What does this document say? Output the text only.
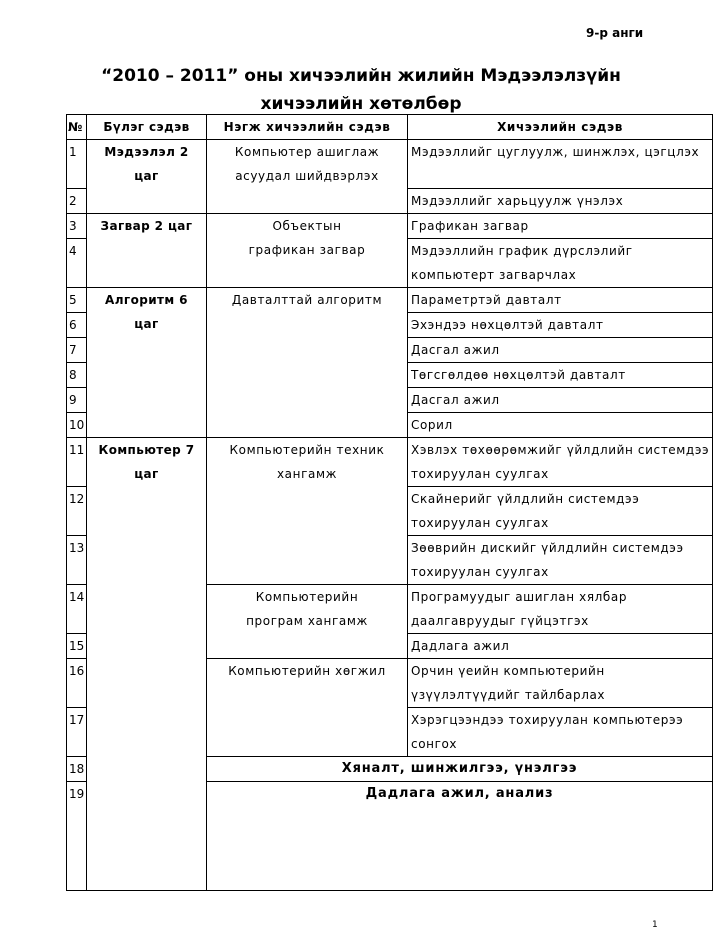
9-р анги
“2010 – 2011” оны хичээлийн жилийн Мэдээлэлзүйн
хичээлийн хөтөлбөр
№	Бүлэг сэдэв	Нэгж хичээлийн сэдэв	Хичээлийн сэдэв
1	Мэдээлэл 2 цаг	Компьютер ашиглаж асуудал шийдвэрлэх	Мэдээллийг цуглуулж, шинжлэх, цэгцлэх
2			Мэдээллийг харьцуулж үнэлэх
3	Загвар 2 цаг	Объектын графикан загвар	Графикан загвар
4			Мэдээллийн график дүрслэлийг компьютерт загварчлах
5	Алгоритм 6 цаг	Давталттай алгоритм	Параметртэй давталт
6			Эхэндээ нөхцөлтэй давталт
7			Дасгал ажил
8			Төгсгөлдөө нөхцөлтэй давталт
9			Дасгал ажил
10			Сорил
11	Компьютер 7 цаг	Компьютерийн техник хангамж	Хэвлэх төхөөрөмжийг үйлдлийн системдээ тохируулан суулгах
12			Скайнерийг үйлдлийн системдээ тохируулан суулгах
13			Зөөврийн дискийг үйлдлийн системдээ тохируулан суулгах
14		Компьютерийн програм хангамж	Програмуудыг ашиглан хялбар даалгавруудыг гүйцэтгэх
15			Дадлага ажил
16		Компьютерийн хөгжил	Орчин үеийн компьютерийн үзүүлэлтүүдийг тайлбарлах
17			Хэрэгцээндээ тохируулан компьютерээ сонгох
18		Хяналт, шинжилгээ, үнэлгээ	
19		Дадлага ажил, анализ	
1
